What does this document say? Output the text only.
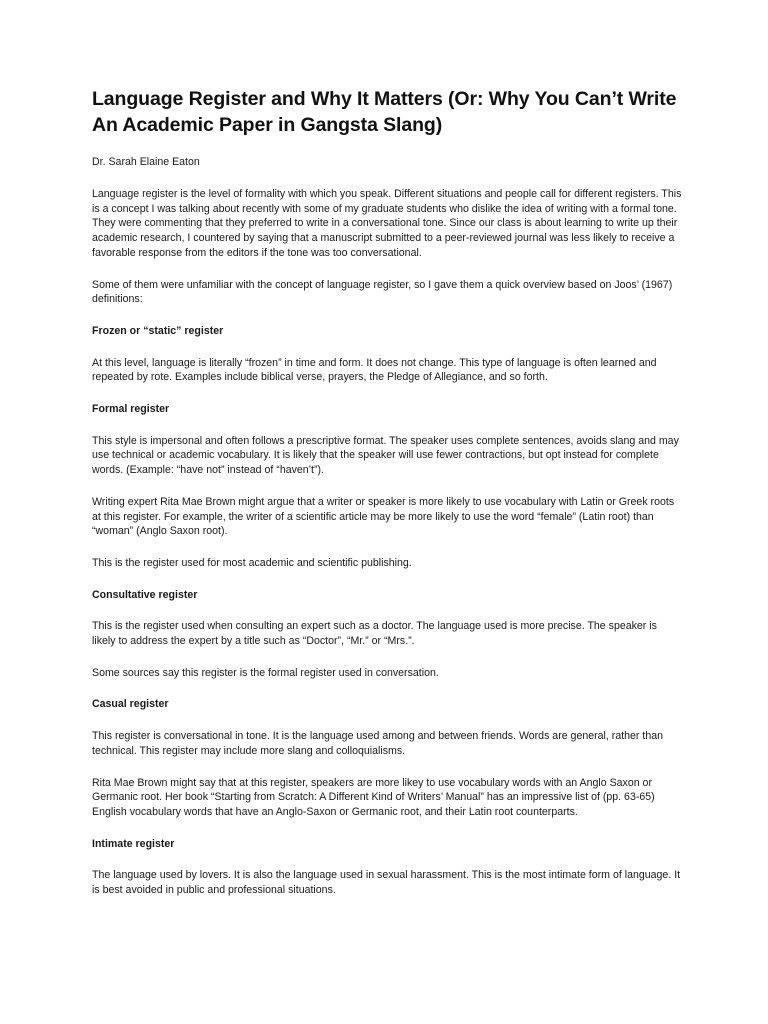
Language Register and Why It Matters (Or: Why You Can’t Write An Academic Paper in Gangsta Slang)
Dr. Sarah Elaine Eaton

Language register is the level of formality with which you speak. Different situations and people call for different registers. This is a concept I was talking about recently with some of my graduate students who dislike the idea of writing with a formal tone. They were commenting that they preferred to write in a conversational tone. Since our class is about learning to write up their academic research, I countered by saying that a manuscript submitted to a peer-reviewed journal was less likely to receive a favorable response from the editors if the tone was too conversational.

Some of them were unfamiliar with the concept of language register, so I gave them a quick overview based on Joos’ (1967) definitions:

Frozen or “static” register

At this level, language is literally “frozen” in time and form. It does not change. This type of language is often learned and repeated by rote. Examples include biblical verse, prayers, the Pledge of Allegiance, and so forth.

Formal register

This style is impersonal and often follows a prescriptive format. The speaker uses complete sentences, avoids slang and may use technical or academic vocabulary. It is likely that the speaker will use fewer contractions, but opt instead for complete words. (Example: “have not” instead of “haven’t”).

Writing expert Rita Mae Brown might argue that a writer or speaker is more likely to use vocabulary with Latin or Greek roots at this register. For example, the writer of a scientific article may be more likely to use the word “female” (Latin root) than “woman” (Anglo Saxon root).

This is the register used for most academic and scientific publishing.

Consultative register

This is the register used when consulting an expert such as a doctor. The language used is more precise. The speaker is likely to address the expert by a title such as “Doctor”, “Mr.” or “Mrs.”.

Some sources say this register is the formal register used in conversation.

Casual register

This register is conversational in tone. It is the language used among and between friends. Words are general, rather than technical. This register may include more slang and colloquialisms.

Rita Mae Brown might say that at this register, speakers are more likey to use vocabulary words with an Anglo Saxon or Germanic root. Her book “Starting from Scratch: A Different Kind of Writers’ Manual” has an impressive list of (pp. 63-65) English vocabulary words that have an Anglo-Saxon or Germanic root, and their Latin root counterparts.

Intimate register

The language used by lovers. It is also the language used in sexual harassment. This is the most intimate form of language. It is best avoided in public and professional situations.
